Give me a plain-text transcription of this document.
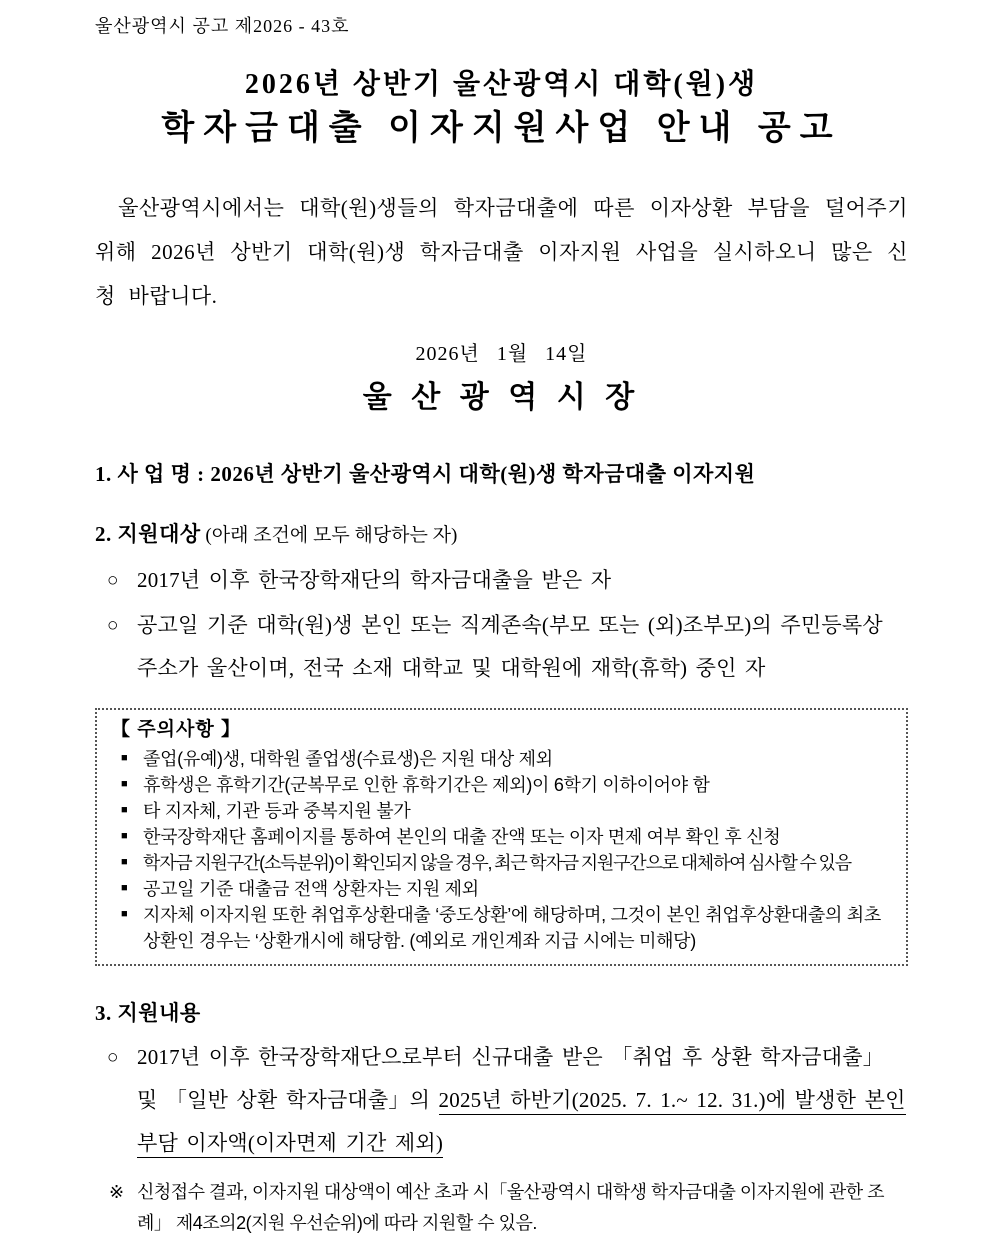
울산광역시 공고 제2026 - 43호
2026년 상반기 울산광역시 대학(원)생
학자금대출 이자지원사업 안내 공고

울산광역시에서는 대학(원)생들의 학자금대출에 따른 이자상환 부담을 덜어주기 위해 2026년 상반기 대학(원)생 학자금대출 이자지원 사업을 실시하오니 많은 신청 바랍니다.

2026년  1월  14일
울 산 광 역 시 장
1. 사 업 명 : 2026년 상반기 울산광역시 대학(원)생 학자금대출 이자지원
2. 지원대상 (아래 조건에 모두 해당하는 자)
○ 2017년 이후 한국장학재단의 학자금대출을 받은 자
○ 공고일 기준 대학(원)생 본인 또는 직계존속(부모 또는 (외)조부모)의 주민등록상 주소가 울산이며, 전국 소재 대학교 및 대학원에 재학(휴학) 중인 자
【 주의사항 】
■ 졸업(유예)생, 대학원 졸업생(수료생)은 지원 대상 제외
■ 휴학생은 휴학기간(군복무로 인한 휴학기간은 제외)이 6학기 이하이어야 함
■ 타 지자체, 기관 등과 중복지원 불가
■ 한국장학재단 홈페이지를 통하여 본인의 대출 잔액 또는 이자 면제 여부 확인 후 신청
■ 학자금 지원구간(소득분위)이 확인되지 않을 경우, 최근 학자금 지원구간으로 대체하여 심사할 수 있음
■ 공고일 기준 대출금 전액 상환자는 지원 제외
■ 지자체 이자지원 또한 취업후상환대출 ‘중도상환’에 해당하며, 그것이 본인 취업후상환대출의 최초 상환인 경우는 ‘상환개시에 해당함. (예외로 개인계좌 지급 시에는 미해당)
3. 지원내용
○ 2017년 이후 한국장학재단으로부터 신규대출 받은 「취업 후 상환 학자금대출」 및 「일반 상환 학자금대출」의 2025년 하반기(2025. 7. 1.~ 12. 31.)에 발생한 본인 부담 이자액(이자면제 기간 제외)
※ 신청접수 결과, 이자지원 대상액이 예산 초과 시「울산광역시 대학생 학자금대출 이자지원에 관한 조례」 제4조의2(지원 우선순위)에 따라 지원할 수 있음.
